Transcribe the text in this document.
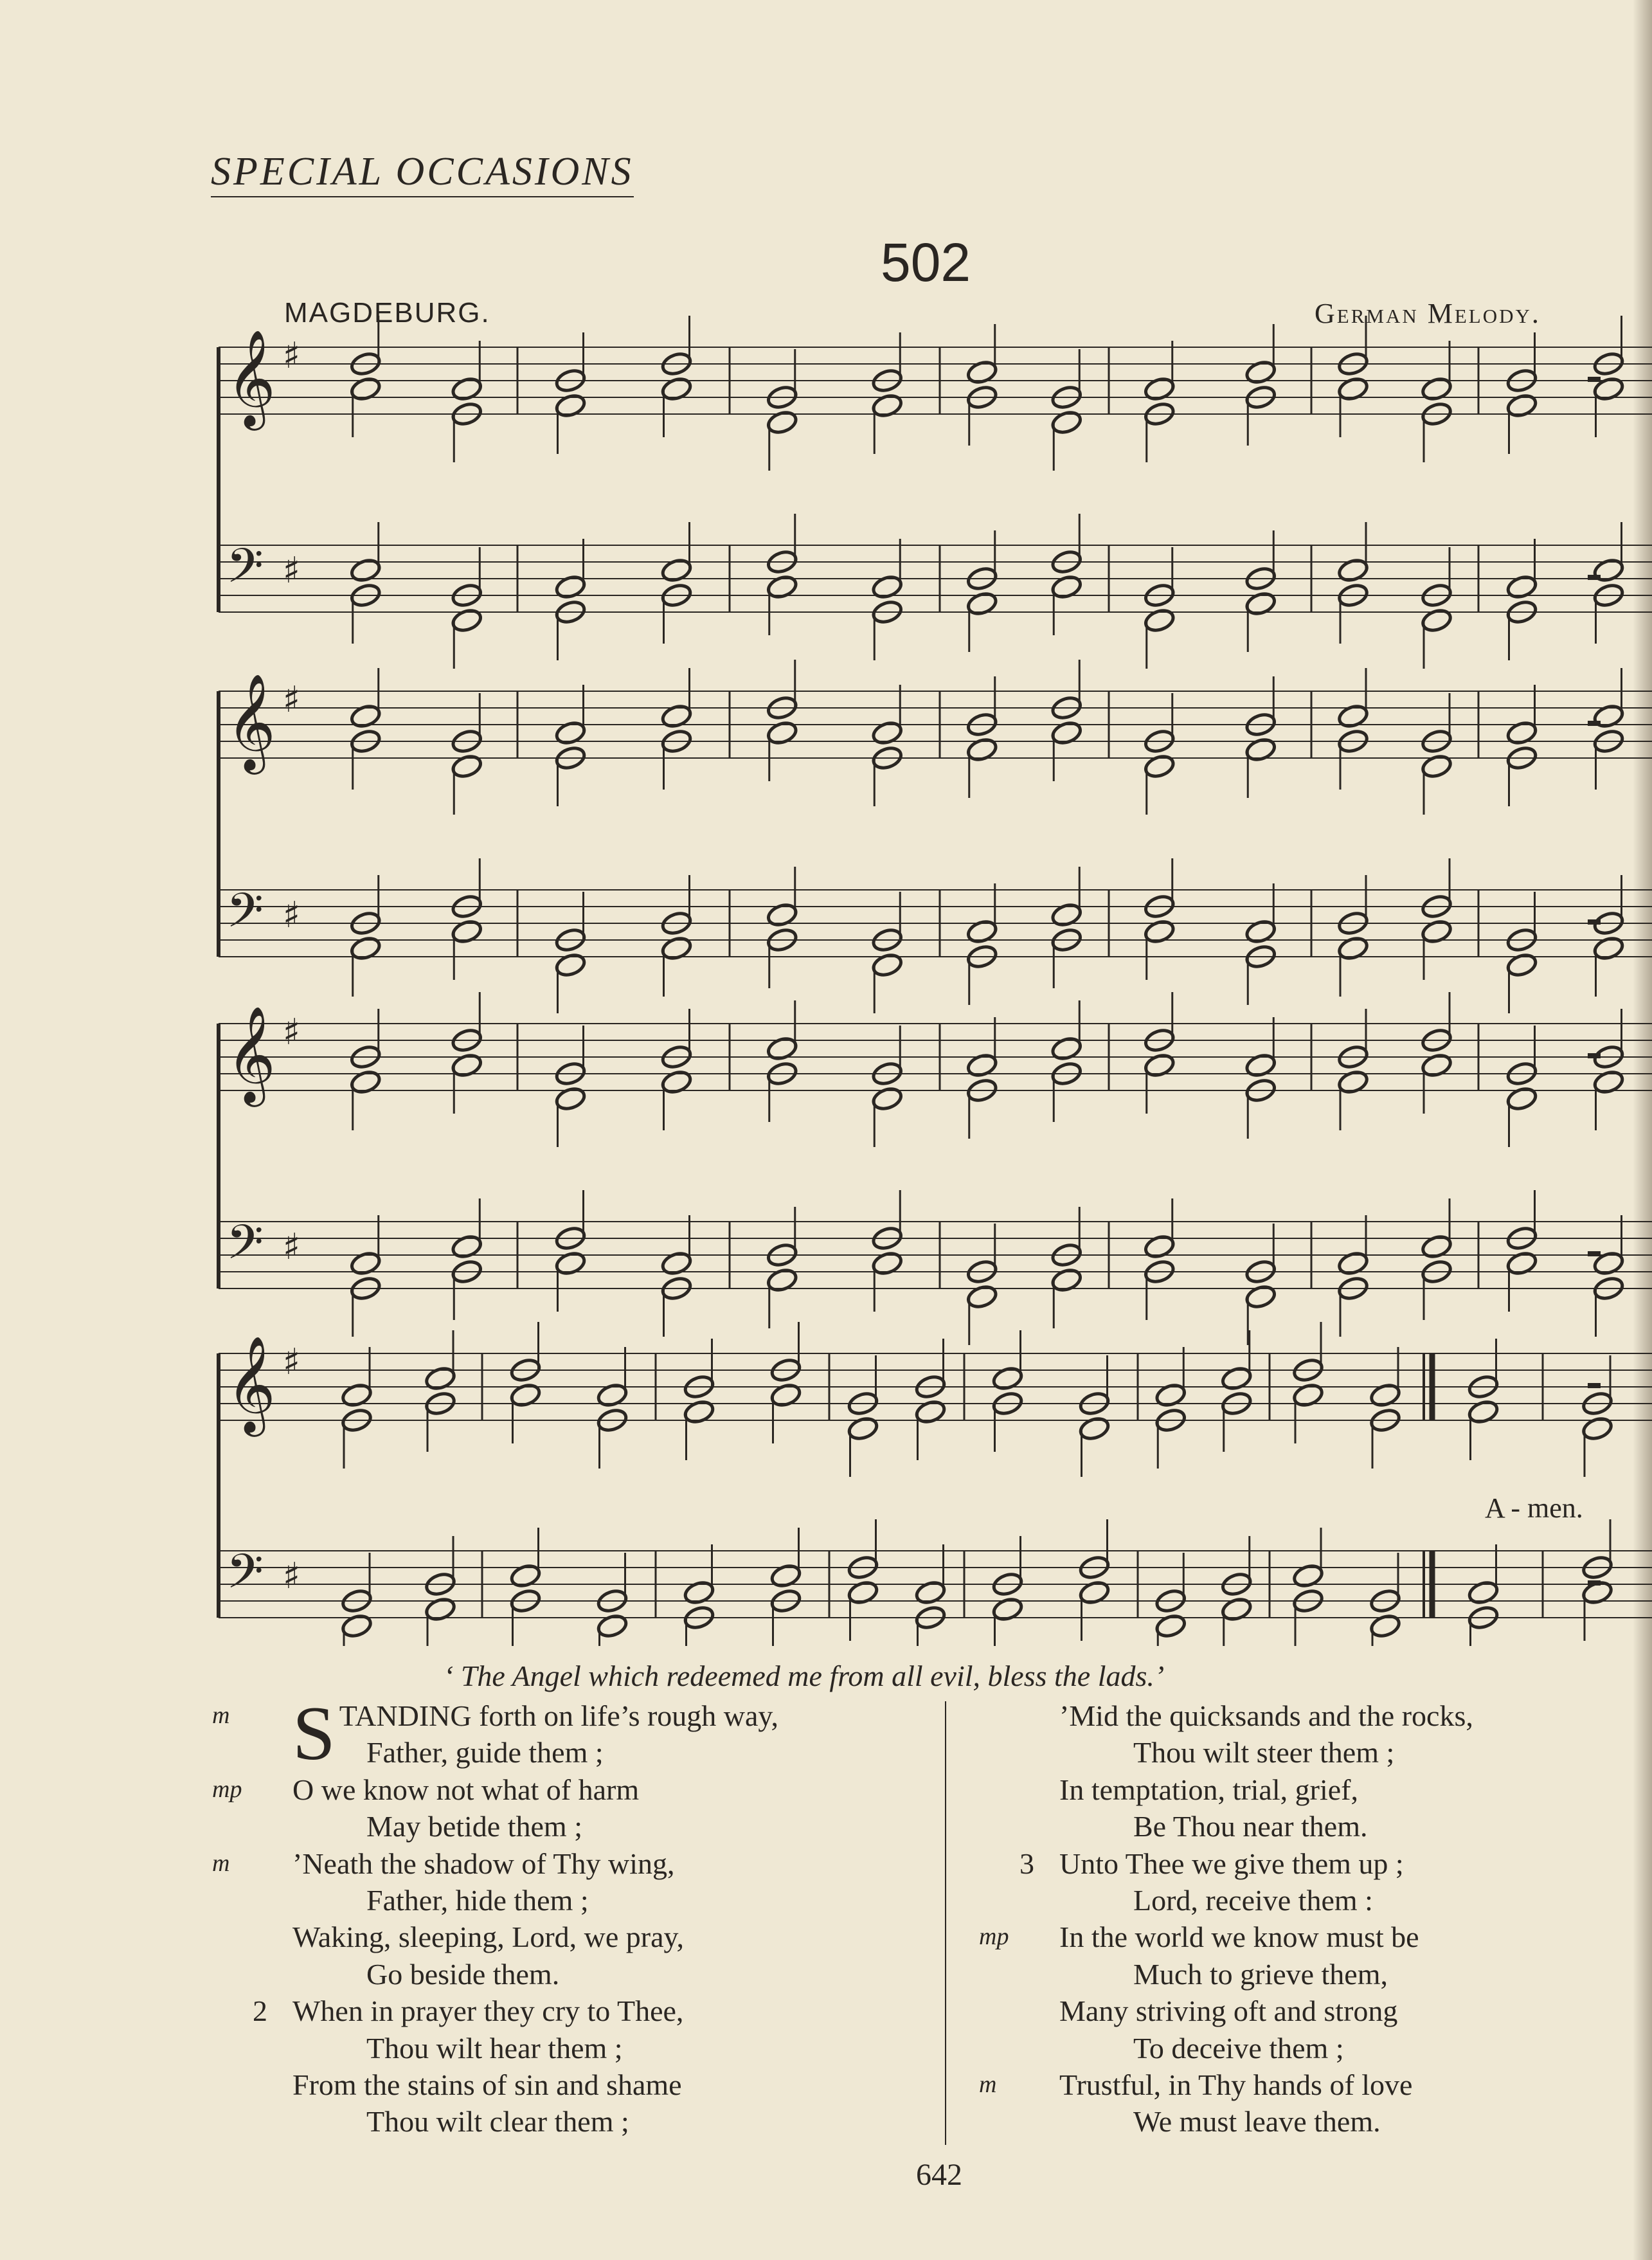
SPECIAL OCCASIONS
502
MAGDEBURG.	German Melody.
𝄞 ♯
𝄢 ♯
𝄞 ♯
𝄢 ♯
𝄞 ♯
𝄢 ♯
𝄞 ♯
𝄢 ♯
A - men.
‘ The Angel which redeemed me from all evil, bless the lads.’
m S TANDING forth on life’s rough way,
Father, guide them ;
mp O we know not what of harm
May betide them ;
m ’Neath the shadow of Thy wing,
Father, hide them ;
Waking, sleeping, Lord, we pray,
Go beside them.
2 When in prayer they cry to Thee,
Thou wilt hear them ;
From the stains of sin and shame
Thou wilt clear them ;
’Mid the quicksands and the rocks,
Thou wilt steer them ;
In temptation, trial, grief,
Be Thou near them.
3 Unto Thee we give them up ;
Lord, receive them :
mp In the world we know must be
Much to grieve them,
Many striving oft and strong
To deceive them ;
m Trustful, in Thy hands of love
We must leave them.
642
